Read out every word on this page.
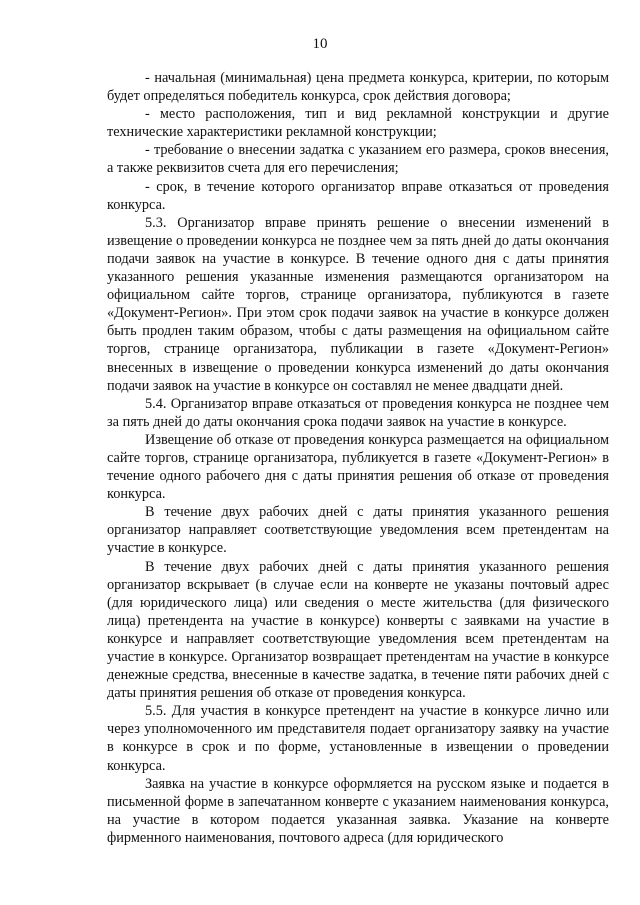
10

- начальная (минимальная) цена предмета конкурса, критерии, по которым будет определяться победитель конкурса, срок действия договора;

- место расположения, тип и вид рекламной конструкции и другие технические характеристики рекламной конструкции;

- требование о внесении задатка с указанием его размера, сроков внесения, а также реквизитов счета для его перечисления;

- срок, в течение которого организатор вправе отказаться от проведения конкурса.

5.3. Организатор вправе принять решение о внесении изменений в извещение о проведении конкурса не позднее чем за пять дней до даты окончания подачи заявок на участие в конкурсе. В течение одного дня с даты принятия указанного решения указанные изменения размещаются организатором на официальном сайте торгов, странице организатора, публикуются в газете «Документ-Регион». При этом срок подачи заявок на участие в конкурсе должен быть продлен таким образом, чтобы с даты размещения на официальном сайте торгов, странице организатора, публикации в газете «Документ-Регион» внесенных в извещение о проведении конкурса изменений до даты окончания подачи заявок на участие в конкурсе он составлял не менее двадцати дней.

5.4. Организатор вправе отказаться от проведения конкурса не позднее чем за пять дней до даты окончания срока подачи заявок на участие в конкурсе.

Извещение об отказе от проведения конкурса размещается на официальном сайте торгов, странице организатора, публикуется в газете «Документ-Регион» в течение одного рабочего дня с даты принятия решения об отказе от проведения конкурса.

В течение двух рабочих дней с даты принятия указанного решения организатор направляет соответствующие уведомления всем претендентам на участие в конкурсе.

В течение двух рабочих дней с даты принятия указанного решения организатор вскрывает (в случае если на конверте не указаны почтовый адрес (для юридического лица) или сведения о месте жительства (для физического лица) претендента на участие в конкурсе) конверты с заявками на участие в конкурсе и направляет соответствующие уведомления всем претендентам на участие в конкурсе. Организатор возвращает претендентам на участие в конкурсе денежные средства, внесенные в качестве задатка, в течение пяти рабочих дней с даты принятия решения об отказе от проведения конкурса.

5.5. Для участия в конкурсе претендент на участие в конкурсе лично или через уполномоченного им представителя подает организатору заявку на участие в конкурсе в срок и по форме, установленные в извещении о проведении конкурса.

Заявка на участие в конкурсе оформляется на русском языке и подается в письменной форме в запечатанном конверте с указанием наименования конкурса, на участие в котором подается указанная заявка. Указание на конверте фирменного наименования, почтового адреса (для юридического
